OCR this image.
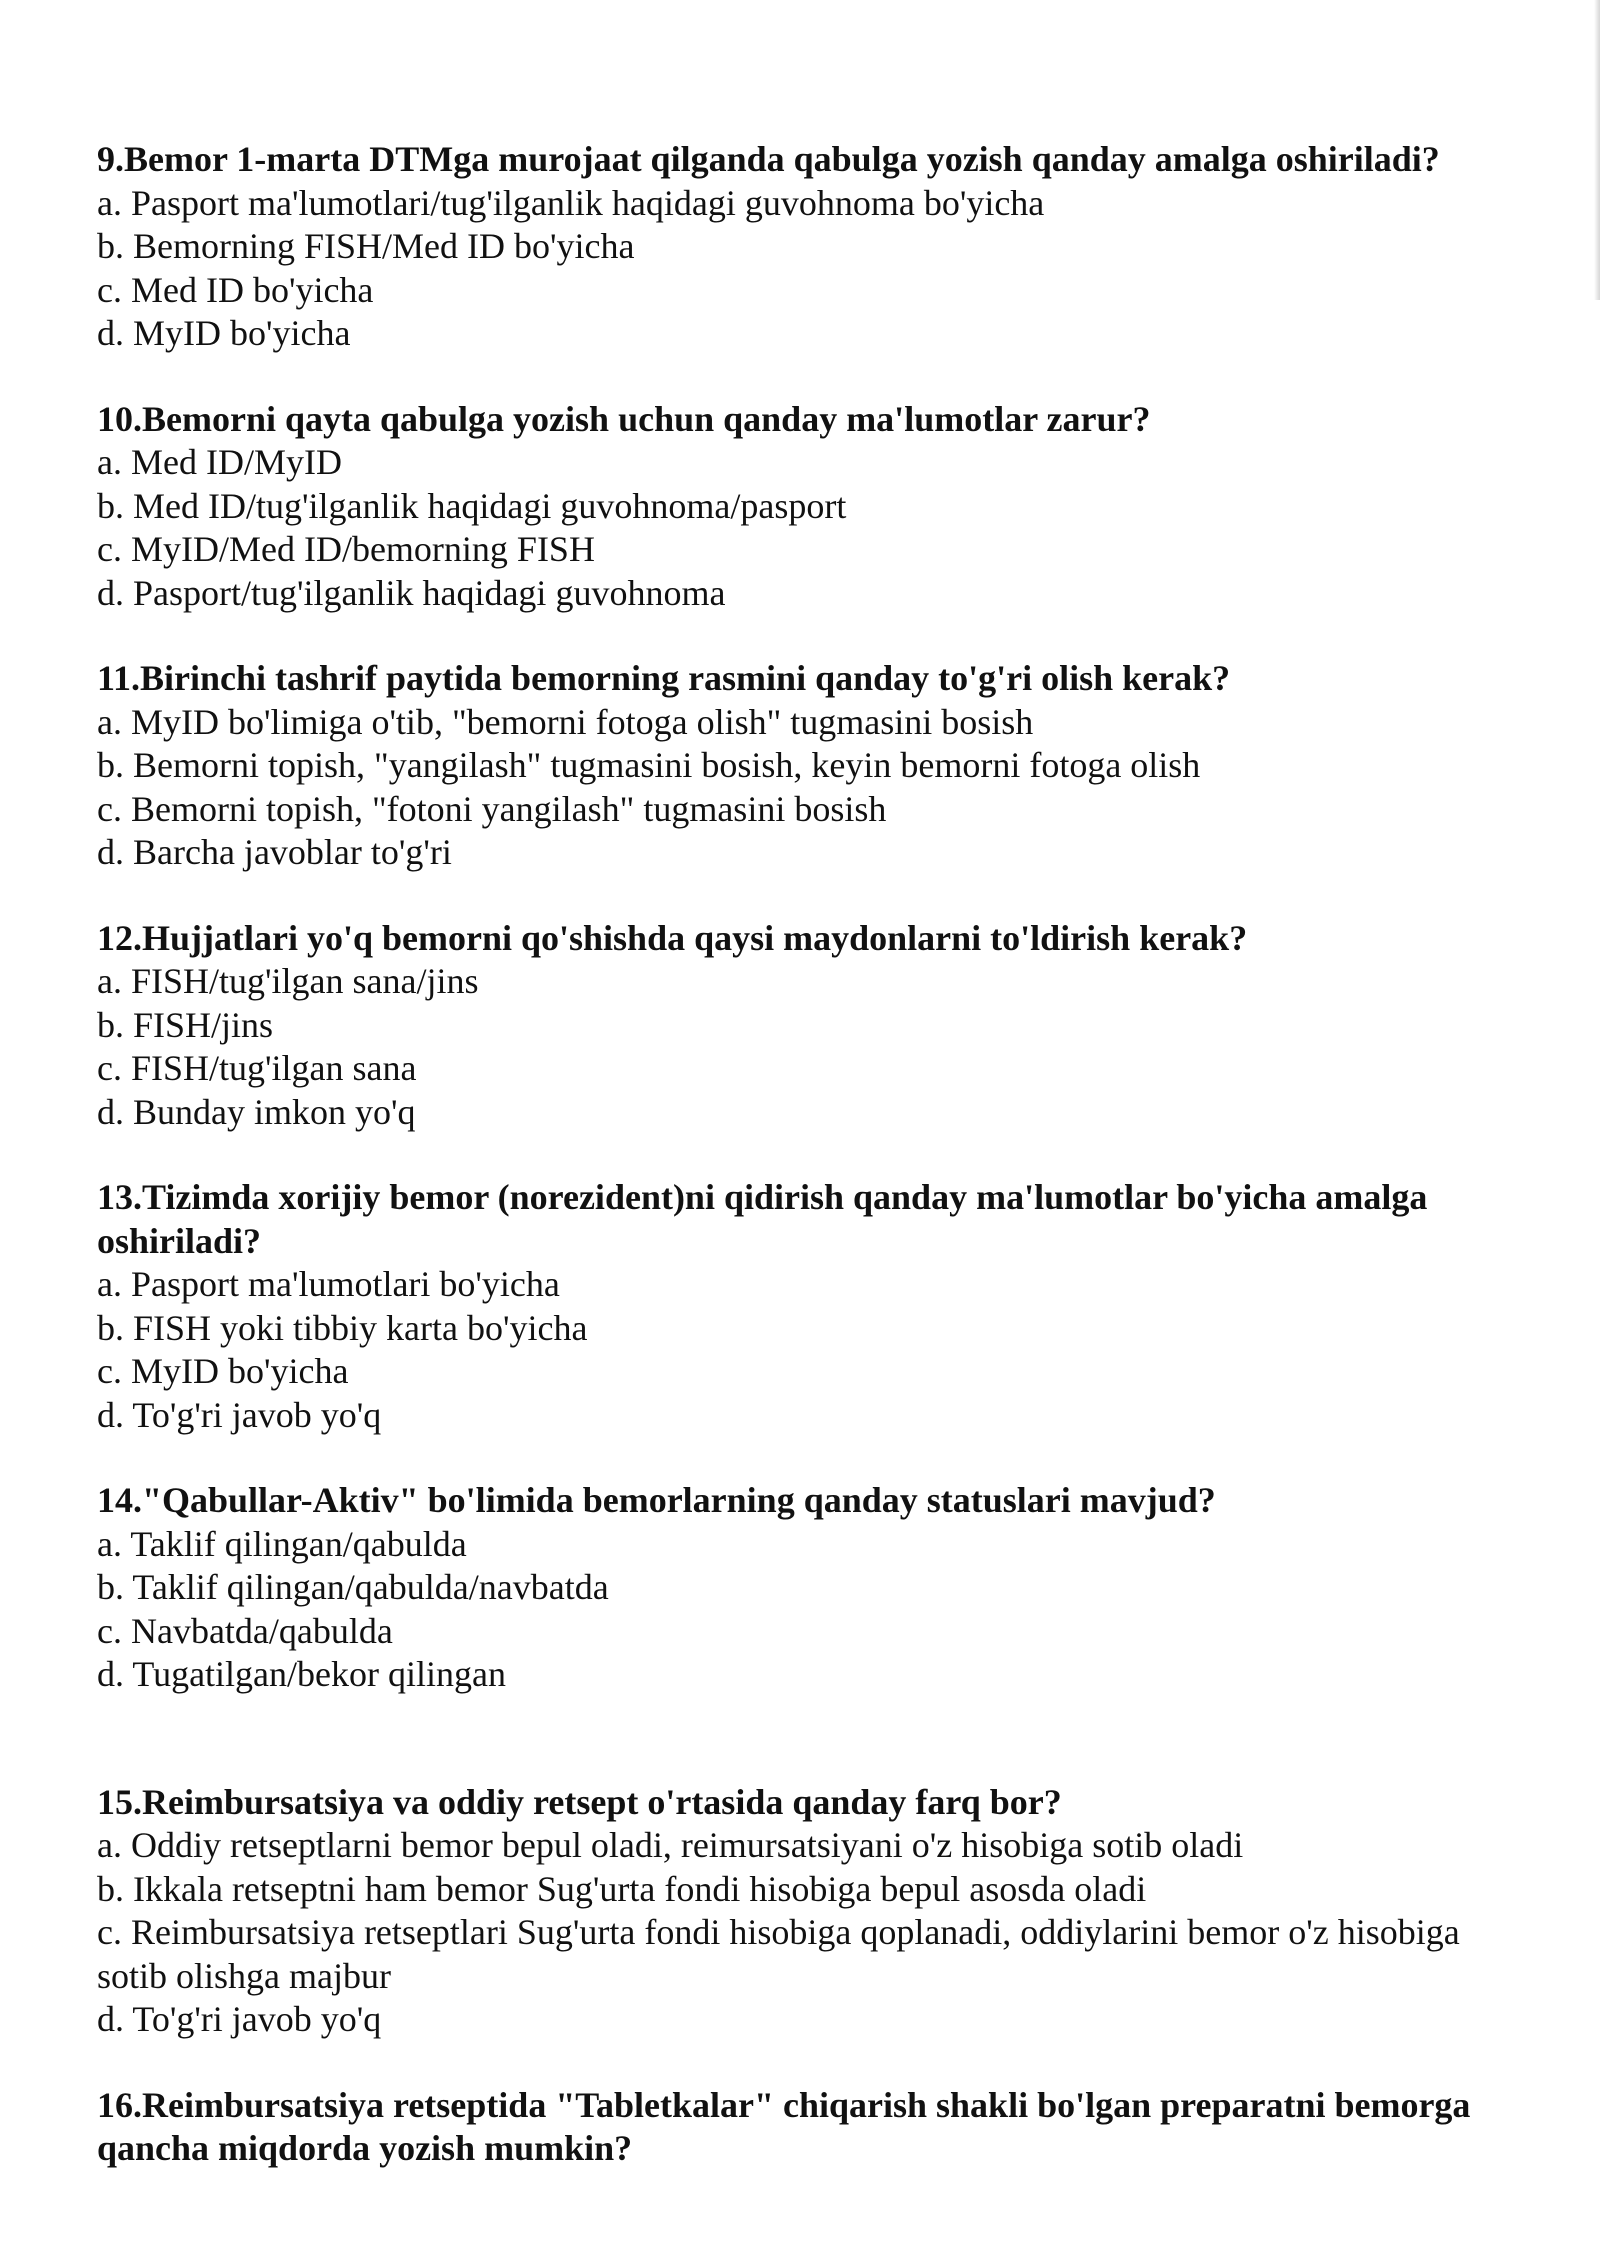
9.Bemor 1-marta DTMga murojaat qilganda qabulga yozish qanday amalga oshiriladi?

a. Pasport ma'lumotlari/tug'ilganlik haqidagi guvohnoma bo'yicha

b. Bemorning FISH/Med ID bo'yicha

c. Med ID bo'yicha

d. MyID bo'yicha

10.Bemorni qayta qabulga yozish uchun qanday ma'lumotlar zarur?

a. Med ID/MyID

b. Med ID/tug'ilganlik haqidagi guvohnoma/pasport

c. MyID/Med ID/bemorning FISH

d. Pasport/tug'ilganlik haqidagi guvohnoma

11.Birinchi tashrif paytida bemorning rasmini qanday to'g'ri olish kerak?

a. MyID bo'limiga o'tib, "bemorni fotoga olish" tugmasini bosish

b. Bemorni topish, "yangilash" tugmasini bosish, keyin bemorni fotoga olish

c. Bemorni topish, "fotoni yangilash" tugmasini bosish

d. Barcha javoblar to'g'ri

12.Hujjatlari yo'q bemorni qo'shishda qaysi maydonlarni to'ldirish kerak?

a. FISH/tug'ilgan sana/jins

b. FISH/jins

c. FISH/tug'ilgan sana

d. Bunday imkon yo'q

13.Tizimda xorijiy bemor (norezident)ni qidirish qanday ma'lumotlar bo'yicha amalga oshiriladi?

a. Pasport ma'lumotlari bo'yicha

b. FISH yoki tibbiy karta bo'yicha

c. MyID bo'yicha

d. To'g'ri javob yo'q

14."Qabullar-Aktiv" bo'limida bemorlarning qanday statuslari mavjud?

a. Taklif qilingan/qabulda

b. Taklif qilingan/qabulda/navbatda

c. Navbatda/qabulda

d. Tugatilgan/bekor qilingan

15.Reimbursatsiya va oddiy retsept o'rtasida qanday farq bor?

a. Oddiy retseptlarni bemor bepul oladi, reimursatsiyani o'z hisobiga sotib oladi

b. Ikkala retseptni ham bemor Sug'urta fondi hisobiga bepul asosda oladi

c. Reimbursatsiya retseptlari Sug'urta fondi hisobiga qoplanadi, oddiylarini bemor o'z hisobiga sotib olishga majbur

d. To'g'ri javob yo'q

16.Reimbursatsiya retseptida "Tabletkalar" chiqarish shakli bo'lgan preparatni bemorga qancha miqdorda yozish mumkin?
